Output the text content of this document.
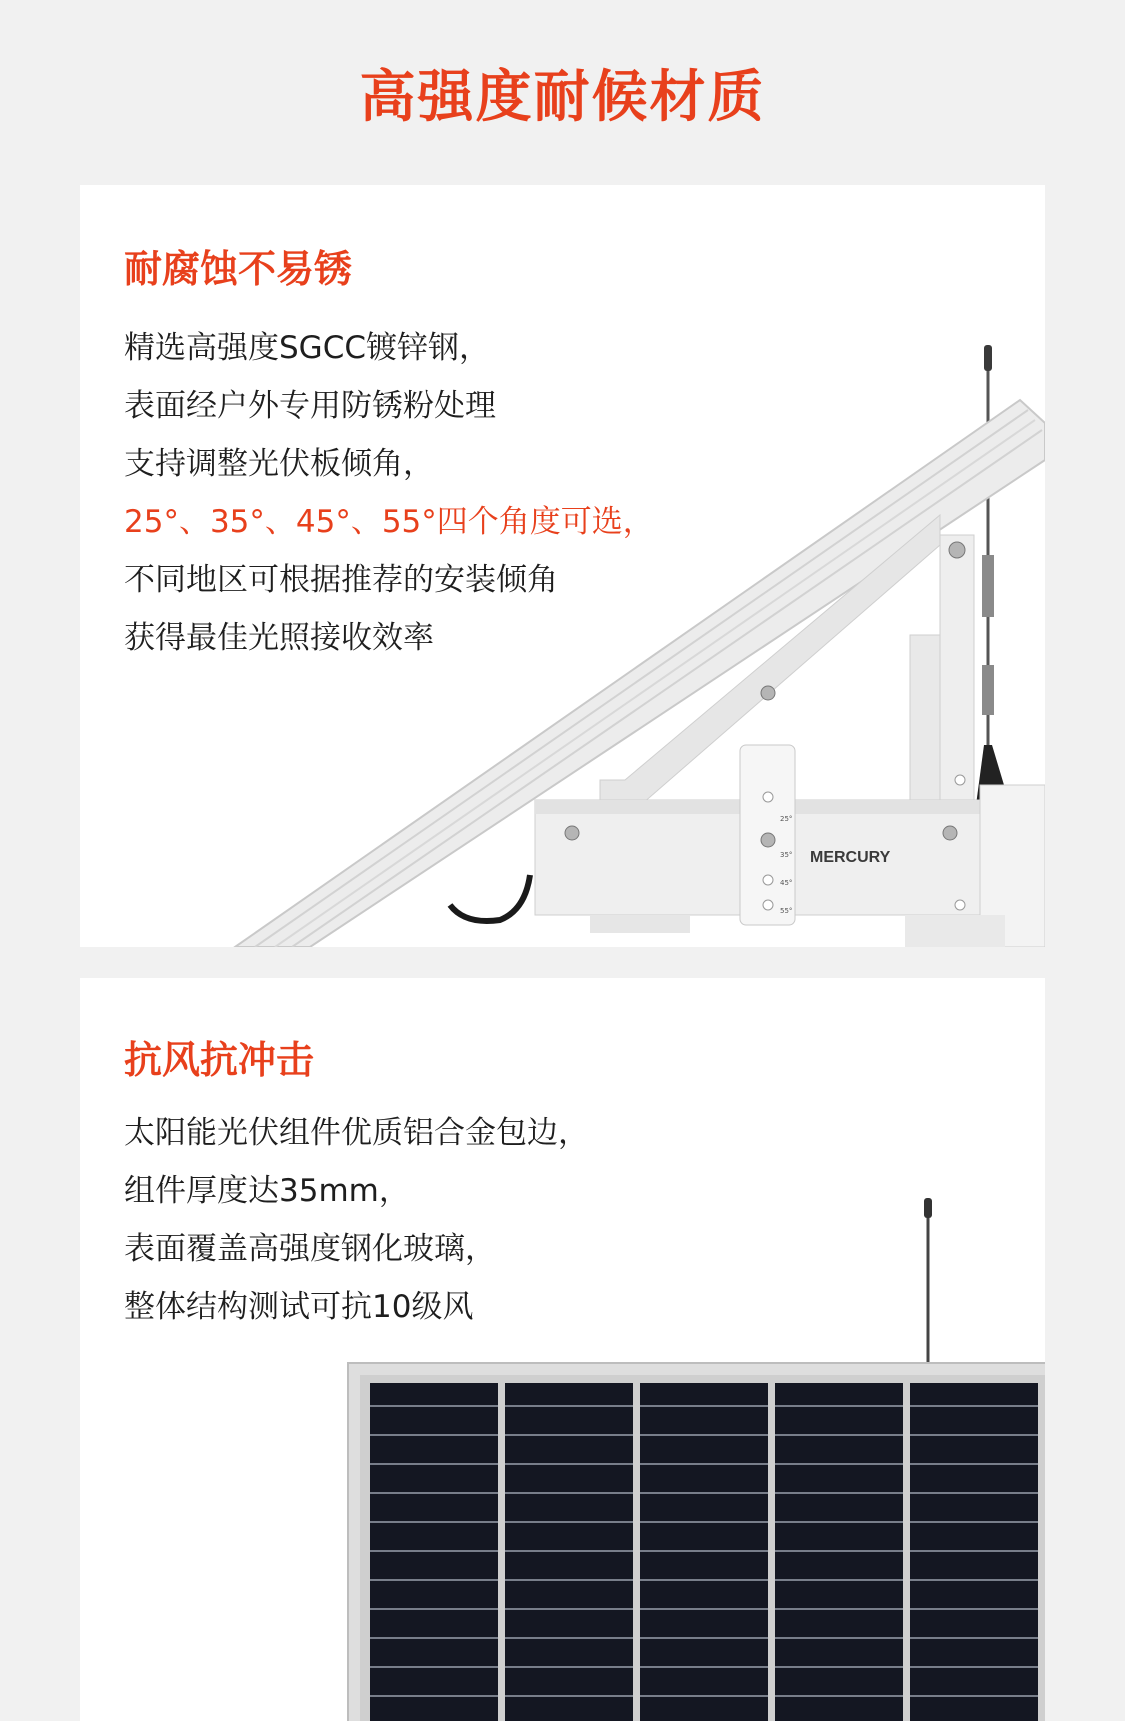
高强度耐候材质
耐腐蚀不易锈
精选高强度SGCC镀锌钢，
表面经户外专用防锈粉处理
支持调整光伏板倾角，
25°、35°、45°、55°四个角度可选，
不同地区可根据推荐的安装倾角
获得最佳光照接收效率
25°
35°
45°
55°
MERCURY
抗风抗冲击
太阳能光伏组件优质铝合金包边，
组件厚度达35mm，
表面覆盖高强度钢化玻璃，
整体结构测试可抗10级风
